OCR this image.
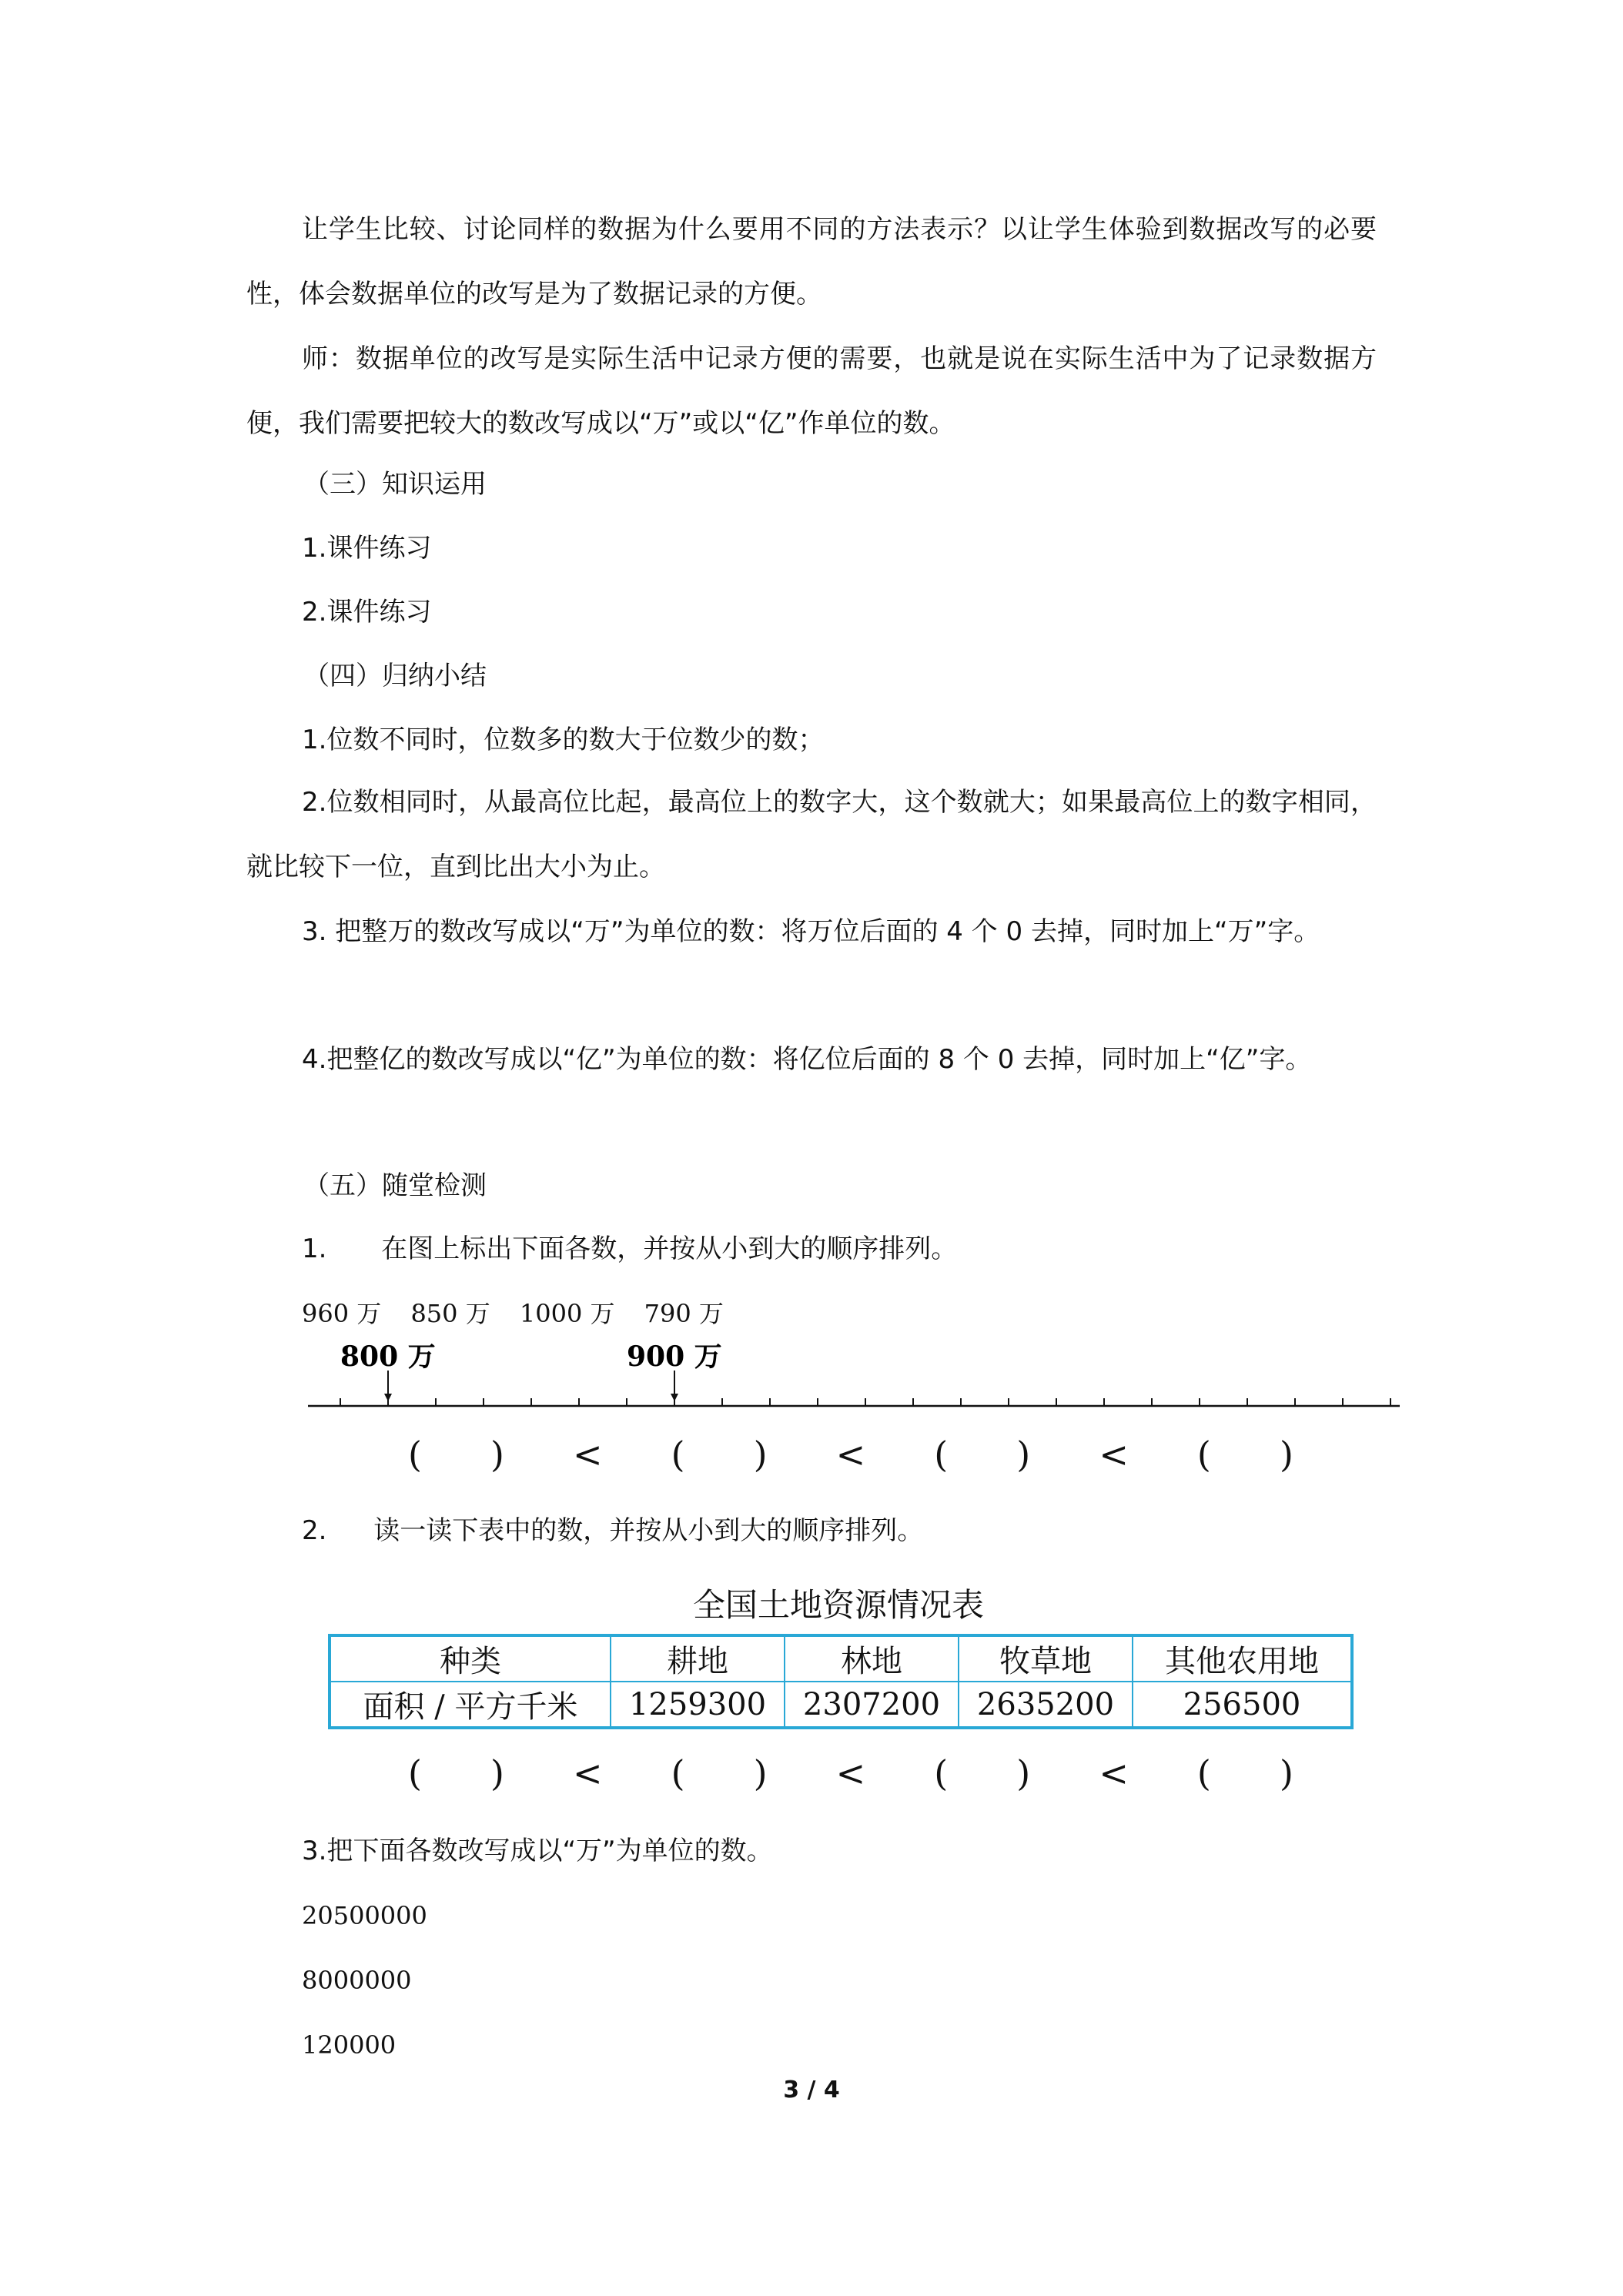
让学生比较、讨论同样的数据为什么要用不同的方法表示？以让学生体验到数据改写的必要性，体会数据单位的改写是为了数据记录的方便。

师：数据单位的改写是实际生活中记录方便的需要，也就是说在实际生活中为了记录数据方便，我们需要把较大的数改写成以“万”或以“亿”作单位的数。

（三）知识运用

1.课件练习

2.课件练习

（四）归纳小结

1.位数不同时，位数多的数大于位数少的数；

2.位数相同时，从最高位比起，最高位上的数字大，这个数就大；如果最高位上的数字相同，就比较下一位，直到比出大小为止。

3. 把整万的数改写成以“万”为单位的数：将万位后面的 4 个 0 去掉，同时加上“万”字。

4.把整亿的数改写成以“亿”为单位的数：将亿位后面的 8 个 0 去掉，同时加上“亿”字。

（五）随堂检测

1. 在图上标出下面各数，并按从小到大的顺序排列。
960 万 850 万 1000 万 790 万
800 万	900 万
( ) < ( ) < ( ) < ( )
2. 读一读下表中的数，并按从小到大的顺序排列。
全国土地资源情况表
种类	耕地	林地	牧草地	其他农用地
面积 / 平方千米	1259300	2307200	2635200	256500
( ) < ( ) < ( ) < ( )

3.把下面各数改写成以“万”为单位的数。

20500000

8000000

120000

3 / 4
